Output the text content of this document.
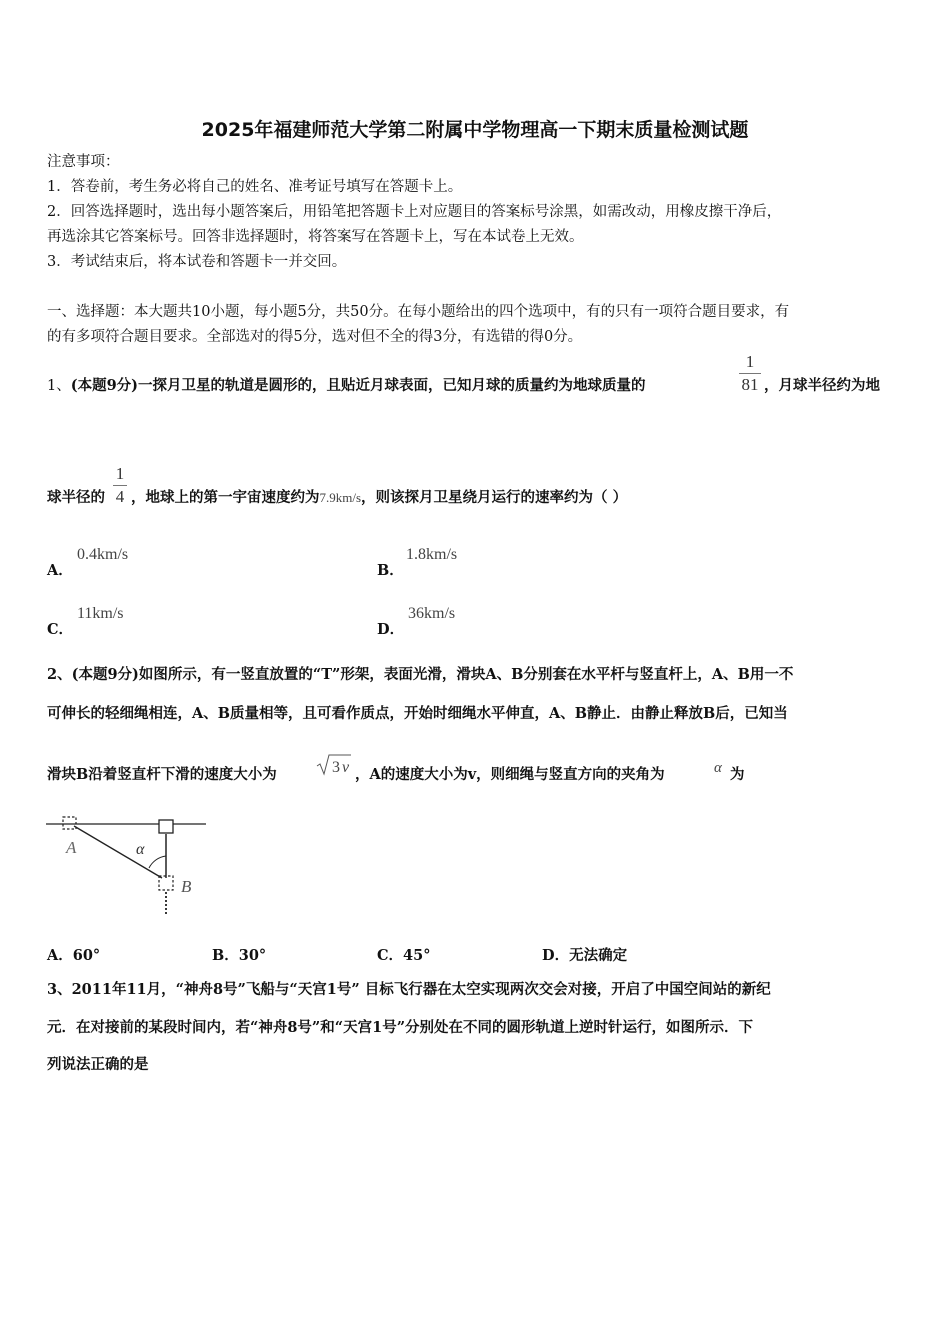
2025年福建师范大学第二附属中学物理高一下期末质量检测试题
注意事项：
1．答卷前，考生务必将自己的姓名、准考证号填写在答题卡上。
2．回答选择题时，选出每小题答案后，用铅笔把答题卡上对应题目的答案标号涂黑，如需改动，用橡皮擦干净后，
再选涂其它答案标号。回答非选择题时，将答案写在答题卡上，写在本试卷上无效。
3．考试结束后，将本试卷和答题卡一并交回。
一、选择题：本大题共10小题，每小题5分，共50分。在每小题给出的四个选项中，有的只有一项符合题目要求，有
的有多项符合题目要求。全部选对的得5分，选对但不全的得3分，有选错的得0分。
1、(本题9分)一探月卫星的轨道是圆形的，且贴近月球表面，已知月球的质量约为地球质量的
1
81 ，月球半径约为地
球半径的
1
4 ，地球上的第一宇宙速度约为7.9km/s，则该探月卫星绕月运行的速率约为（ ）
A．
0.4km/s
B．
1.8km/s
C．
11km/s
D．
36km/s
2、(本题9分)如图所示，有一竖直放置的“T”形架，表面光滑，滑块A、B分别套在水平杆与竖直杆上，A、B用一不
可伸长的轻细绳相连，A、B质量相等，且可看作质点，开始时细绳水平伸直，A、B静止．由静止释放B后，已知当
滑块B沿着竖直杆下滑的速度大小为	3 v ，A的速度大小为v，则细绳与竖直方向的夹角为	α 为
A	α
B
A．60°	B．30°	C．45°	D．无法确定
3、2011年11月，“神舟8号”飞船与“天宫1号” 目标飞行器在太空实现两次交会对接，开启了中国空间站的新纪
元．在对接前的某段时间内，若“神舟8号”和“天宫1号”分别处在不同的圆形轨道上逆时针运行，如图所示．下
列说法正确的是
